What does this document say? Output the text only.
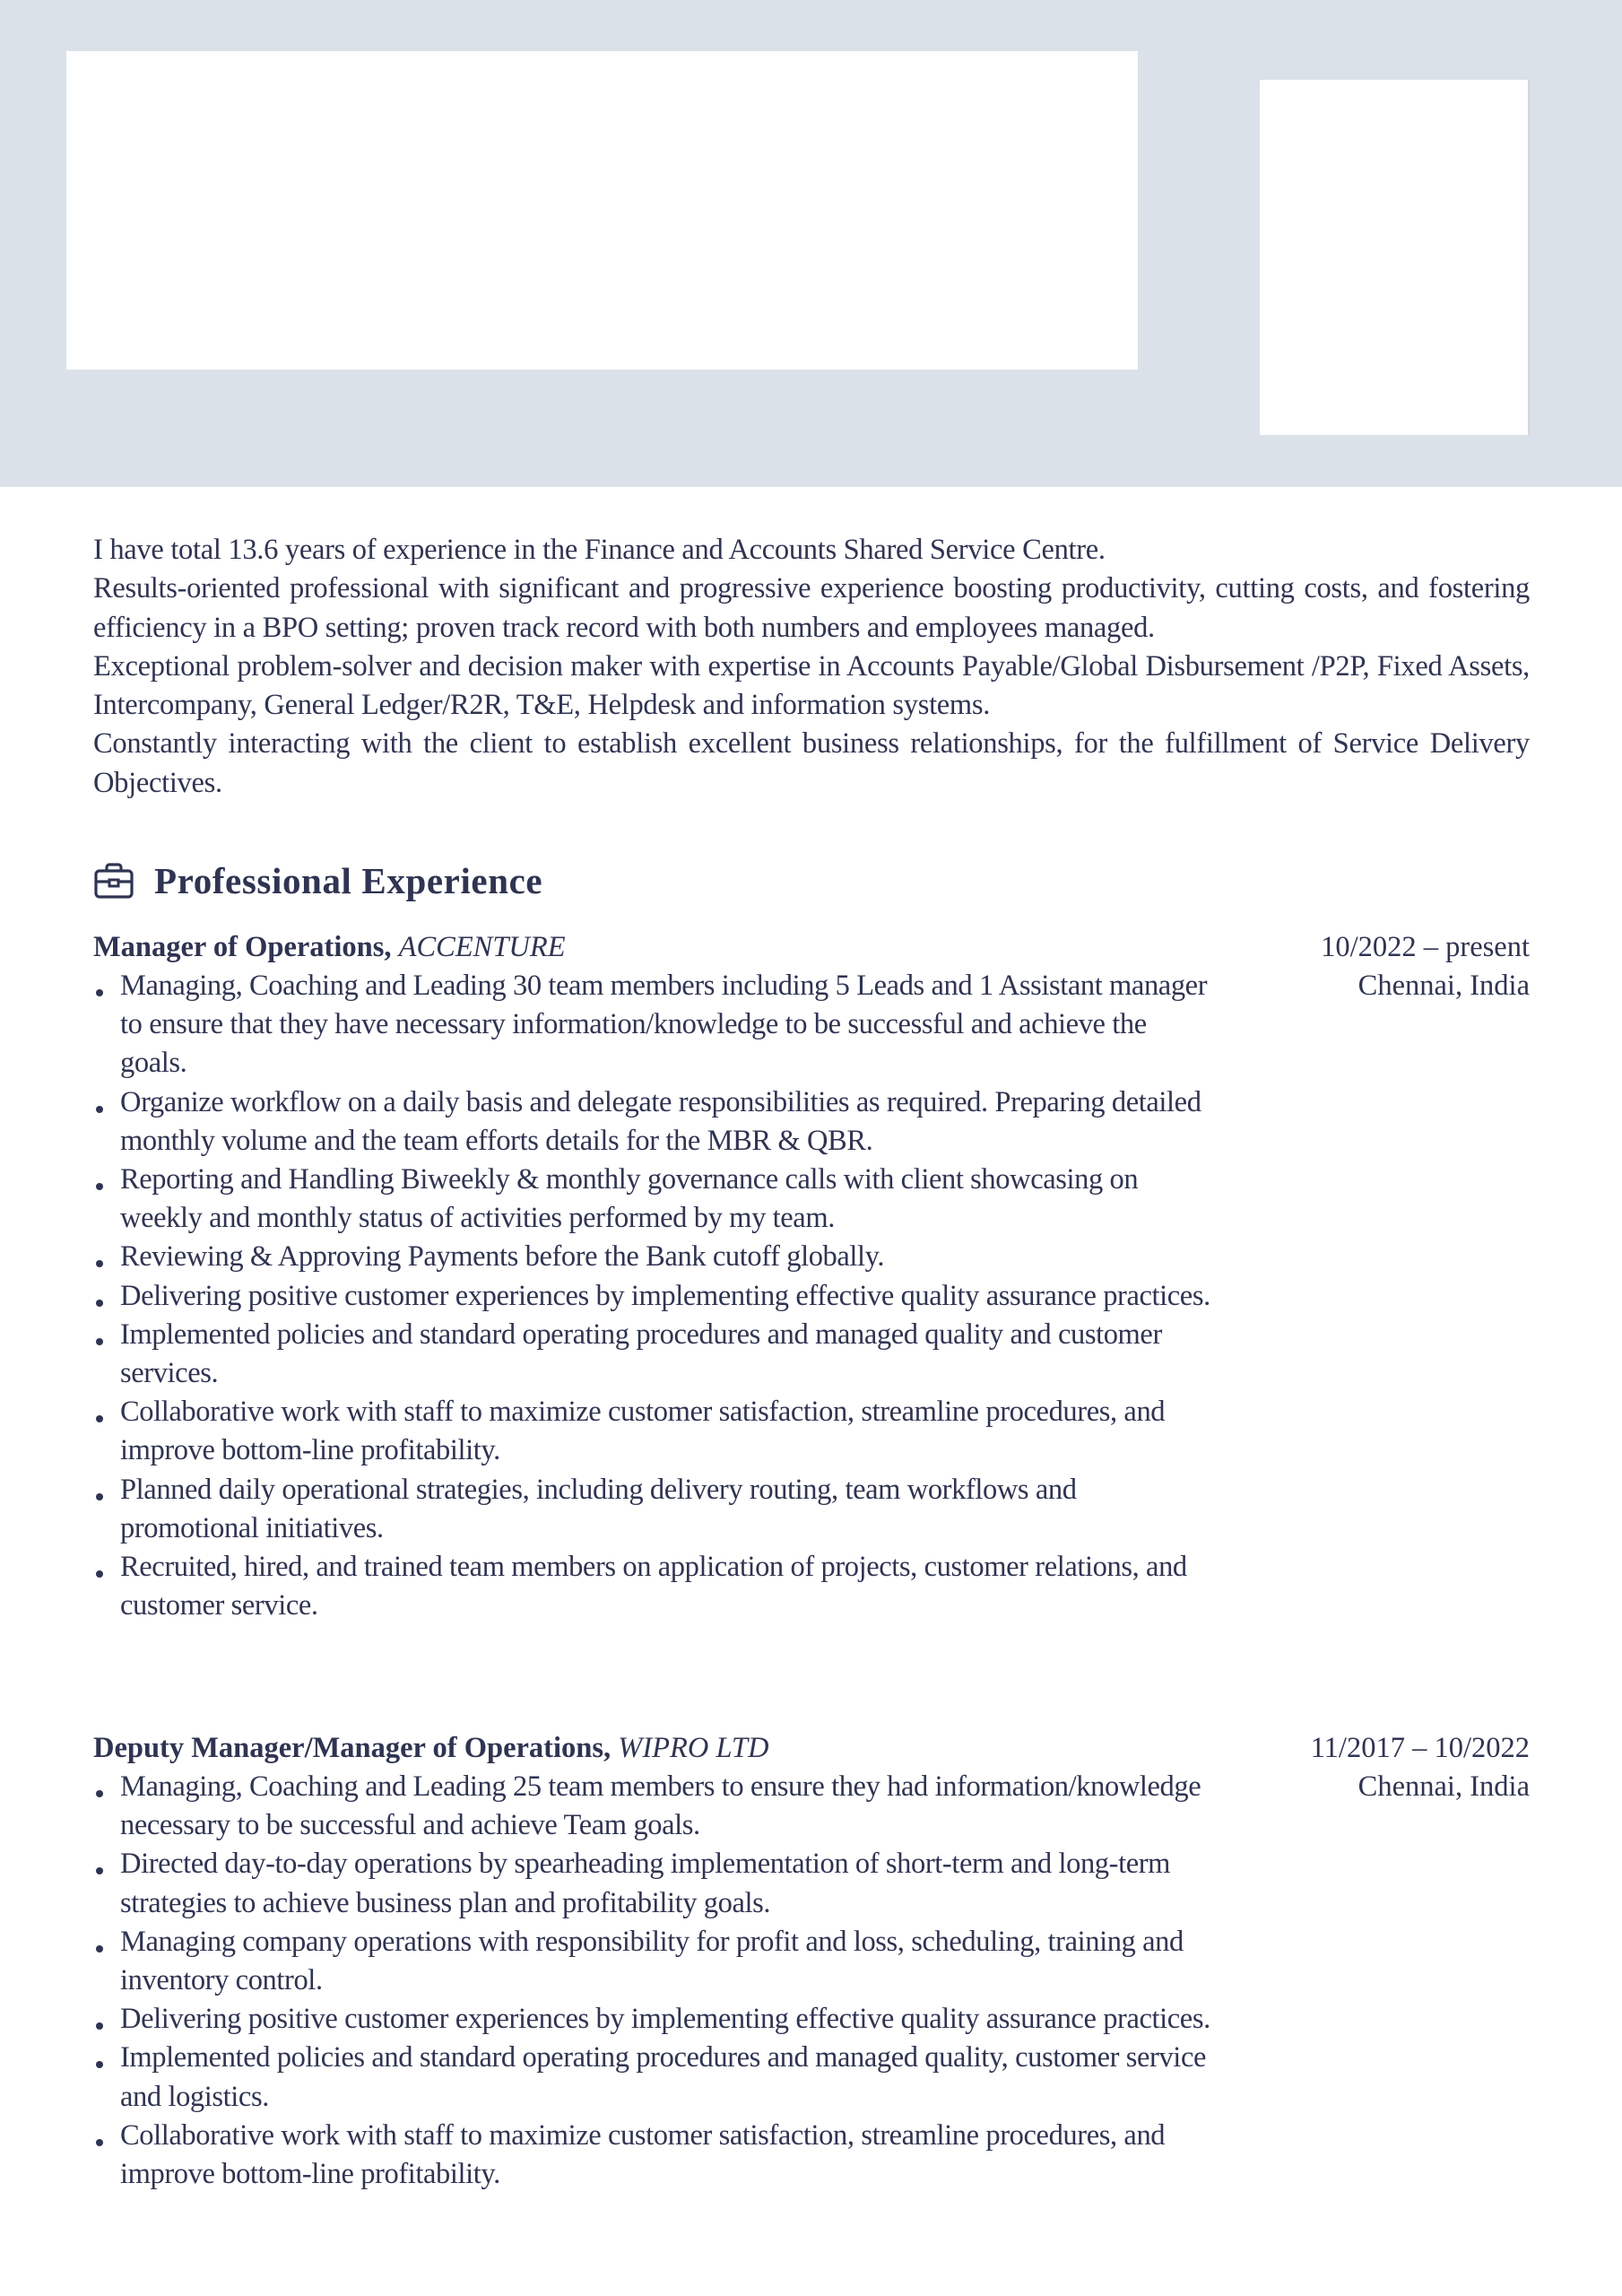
I have total 13.6 years of experience in the Finance and Accounts Shared Service Centre.

Results-oriented professional with significant and progressive experience boosting productivity, cutting costs, and fostering efficiency in a BPO setting; proven track record with both numbers and employees managed.

Exceptional problem-solver and decision maker with expertise in Accounts Payable/Global Disbursement /P2P, Fixed Assets, Intercompany, General Ledger/R2R, T&E, Helpdesk and information systems.

Constantly interacting with the client to establish excellent business relationships, for the fulfillment of Service Delivery Objectives.

Professional Experience
Manager of Operations, ACCENTURE	10/2022 – present
Chennai, India
Managing, Coaching and Leading 30 team members including 5 Leads and 1 Assistant manager to ensure that they have necessary information/knowledge to be successful and achieve the goals.
Organize workflow on a daily basis and delegate responsibilities as required. Preparing detailed monthly volume and the team efforts details for the MBR & QBR.
Reporting and Handling Biweekly & monthly governance calls with client showcasing on weekly and monthly status of activities performed by my team.
Reviewing & Approving Payments before the Bank cutoff globally.
Delivering positive customer experiences by implementing effective quality assurance practices.
Implemented policies and standard operating procedures and managed quality and customer services.
Collaborative work with staff to maximize customer satisfaction, streamline procedures, and improve bottom-line profitability.
Planned daily operational strategies, including delivery routing, team workflows and promotional initiatives.
Recruited, hired, and trained team members on application of projects, customer relations, and customer service.
Deputy Manager/Manager of Operations, WIPRO LTD	11/2017 – 10/2022
Chennai, India
Managing, Coaching and Leading 25 team members to ensure they had information/knowledge necessary to be successful and achieve Team goals.
Directed day-to-day operations by spearheading implementation of short-term and long-term strategies to achieve business plan and profitability goals.
Managing company operations with responsibility for profit and loss, scheduling, training and inventory control.
Delivering positive customer experiences by implementing effective quality assurance practices.
Implemented policies and standard operating procedures and managed quality, customer service and logistics.
Collaborative work with staff to maximize customer satisfaction, streamline procedures, and improve bottom-line profitability.
